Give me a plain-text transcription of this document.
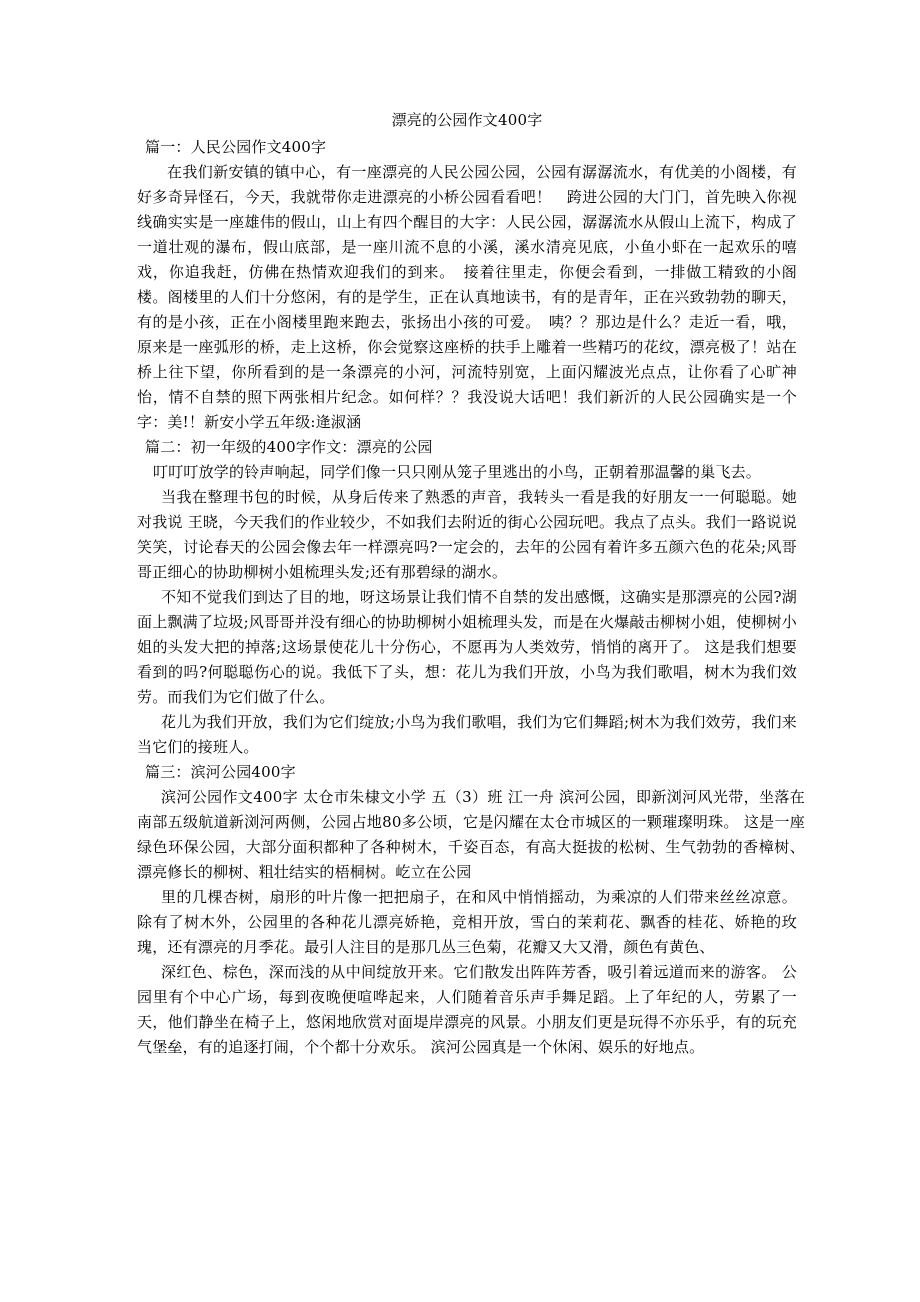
漂亮的公园作文400字

篇一：人民公园作文400字

在我们新安镇的镇中心，有一座漂亮的人民公园公园，公园有潺潺流水，有优美的小阁楼，有好多奇异怪石，今天，我就带你走进漂亮的小桥公园看看吧！　跨进公园的大门门，首先映入你视线确实实是一座雄伟的假山，山上有四个醒目的大字：人民公园，潺潺流水从假山上流下，构成了一道壮观的瀑布，假山底部，是一座川流不息的小溪，溪水清亮见底，小鱼小虾在一起欢乐的嘻戏，你追我赶，仿佛在热情欢迎我们的到来。　接着往里走，你便会看到，一排做工精致的小阁楼。阁楼里的人们十分悠闲，有的是学生，正在认真地读书，有的是青年，正在兴致勃勃的聊天，有的是小孩，正在小阁楼里跑来跑去，张扬出小孩的可爱。　咦？？那边是什么？走近一看，哦，原来是一座弧形的桥，走上这桥，你会觉察这座桥的扶手上雕着一些精巧的花纹，漂亮极了！站在桥上往下望，你所看到的是一条漂亮的小河，河流特别宽，上面闪耀波光点点，让你看了心旷神怡，情不自禁的照下两张相片纪念。如何样？？我没说大话吧！我们新沂的人民公园确实是一个字：美!！新安小学五年级:逄淑涵

篇二：初一年级的400字作文：漂亮的公园

叮叮叮放学的铃声响起，同学们像一只只刚从笼子里逃出的小鸟，正朝着那温馨的巢飞去。

当我在整理书包的时候，从身后传来了熟悉的声音，我转头一看是我的好朋友一一何聪聪。她对我说 王晓，今天我们的作业较少，不如我们去附近的街心公园玩吧。我点了点头。我们一路说说笑笑，讨论春天的公园会像去年一样漂亮吗?一定会的，去年的公园有着许多五颜六色的花朵;风哥哥正细心的协助柳树小姐梳理头发;还有那碧绿的湖水。

不知不觉我们到达了目的地，呀这场景让我们情不自禁的发出感慨，这确实是那漂亮的公园?湖面上飘满了垃圾;风哥哥并没有细心的协助柳树小姐梳理头发，而是在火爆敲击柳树小姐，使柳树小姐的头发大把的掉落;这场景使花儿十分伤心，不愿再为人类效劳，悄悄的离开了。 这是我们想要看到的吗?何聪聪伤心的说。我低下了头，想：花儿为我们开放，小鸟为我们歌唱，树木为我们效劳。而我们为它们做了什么。

花儿为我们开放，我们为它们绽放;小鸟为我们歌唱，我们为它们舞蹈;树木为我们效劳，我们来当它们的接班人。

篇三：滨河公园400字

滨河公园作文400字 太仓市朱棣文小学 五（3）班 江一舟 滨河公园，即新浏河风光带，坐落在南部五级航道新浏河两侧，公园占地80多公顷，它是闪耀在太仓市城区的一颗璀璨明珠。 这是一座绿色环保公园，大部分面积都种了各种树木，千姿百态，有高大挺拔的松树、生气勃勃的香樟树、漂亮修长的柳树、粗壮结实的梧桐树。屹立在公园

里的几棵杏树，扇形的叶片像一把把扇子，在和风中悄悄摇动，为乘凉的人们带来丝丝凉意。 除有了树木外，公园里的各种花儿漂亮娇艳，竞相开放，雪白的茉莉花、飘香的桂花、娇艳的玫瑰，还有漂亮的月季花。最引人注目的是那几丛三色菊，花瓣又大又滑，颜色有黄色、

深红色、棕色，深而浅的从中间绽放开来。它们散发出阵阵芳香，吸引着远道而来的游客。 公园里有个中心广场，每到夜晚便喧哗起来，人们随着音乐声手舞足蹈。上了年纪的人，劳累了一天，他们静坐在椅子上，悠闲地欣赏对面堤岸漂亮的风景。小朋友们更是玩得不亦乐乎，有的玩充气堡垒，有的追逐打闹，个个都十分欢乐。 滨河公园真是一个休闲、娱乐的好地点。
